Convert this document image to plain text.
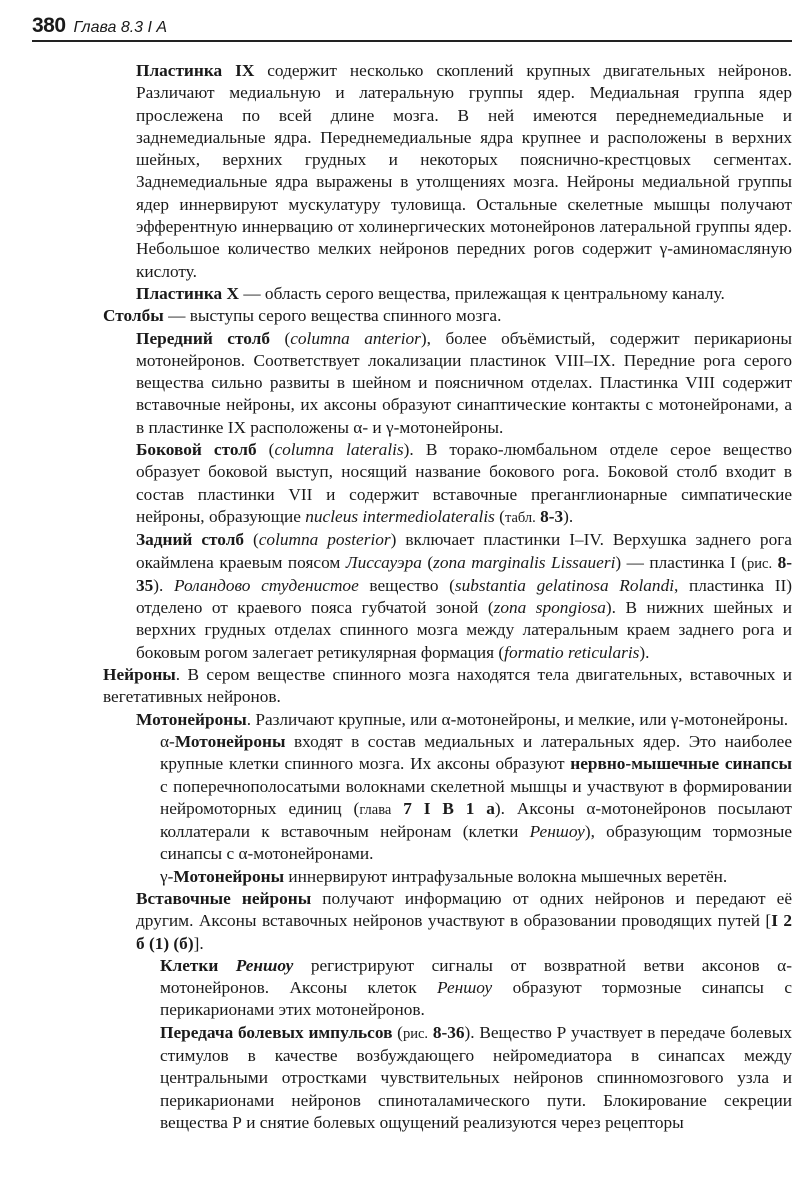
380 Глава 8.3 I А
Пластинка IX содержит несколько скоплений крупных двигательных нейронов. Различают медиальную и латеральную группы ядер. Медиальная группа ядер прослежена по всей длине мозга. В ней имеются переднемедиальные и заднемедиальные ядра. Переднемедиальные ядра крупнее и расположены в верхних шейных, верхних грудных и некоторых пояснично-крестцовых сегментах. Заднемедиальные ядра выражены в утолщениях мозга. Нейроны медиальной группы ядер иннервируют мускулатуру туловища. Остальные скелетные мышцы получают эфферентную иннервацию от холинергических мотонейронов латеральной группы ядер. Небольшое количество мелких нейронов передних рогов содержит γ-аминомасляную кислоту.
Пластинка X — область серого вещества, прилежащая к центральному каналу.
Столбы — выступы серого вещества спинного мозга.
Передний столб (columna anterior), более объёмистый, содержит перикарионы мотонейронов. Соответствует локализации пластинок VIII–IX. Передние рога серого вещества сильно развиты в шейном и поясничном отделах. Пластинка VIII содержит вставочные нейроны, их аксоны образуют синаптические контакты с мотонейронами, а в пластинке IX расположены α- и γ-мотонейроны.
Боковой столб (columna lateralis). В торако-люмбальном отделе серое вещество образует боковой выступ, носящий название бокового рога. Боковой столб входит в состав пластинки VII и содержит вставочные преганглионарные симпатические нейроны, образующие nucleus intermediolateralis (табл. 8-3).
Задний столб (columna posterior) включает пластинки I–IV. Верхушка заднего рога окаймлена краевым поясом Лиссауэра (zona marginalis Lissaueri) — пластинка I (рис. 8-35). Роландово студенистое вещество (substantia gelatinosa Rolandi, пластинка II) отделено от краевого пояса губчатой зоной (zona spongiosa). В нижних шейных и верхних грудных отделах спинного мозга между латеральным краем заднего рога и боковым рогом залегает ретикулярная формация (formatio reticularis).
Нейроны. В сером веществе спинного мозга находятся тела двигательных, вставочных и вегетативных нейронов.
Мотонейроны. Различают крупные, или α-мотонейроны, и мелкие, или γ-мотонейроны.
α-Мотонейроны входят в состав медиальных и латеральных ядер. Это наиболее крупные клетки спинного мозга. Их аксоны образуют нервно-мышечные синапсы с поперечнополосатыми волокнами скелетной мышцы и участвуют в формировании нейромоторных единиц (глава 7 I В 1 а). Аксоны α-мотонейронов посылают коллатерали к вставочным нейронам (клетки Реншоу), образующим тормозные синапсы с α-мотонейронами.
γ-Мотонейроны иннервируют интрафузальные волокна мышечных веретён.
Вставочные нейроны получают информацию от одних нейронов и передают её другим. Аксоны вставочных нейронов участвуют в образовании проводящих путей [I 2 б (1) (б)].
Клетки Реншоу регистрируют сигналы от возвратной ветви аксонов α-мотонейронов. Аксоны клеток Реншоу образуют тормозные синапсы с перикарионами этих мотонейронов.
Передача болевых импульсов (рис. 8-36). Вещество Р участвует в передаче болевых стимулов в качестве возбуждающего нейромедиатора в синапсах между центральными отростками чувствительных нейронов спинномозгового узла и перикарионами нейронов спиноталамического пути. Блокирование секреции вещества Р и снятие болевых ощущений реализуются через рецепторы
